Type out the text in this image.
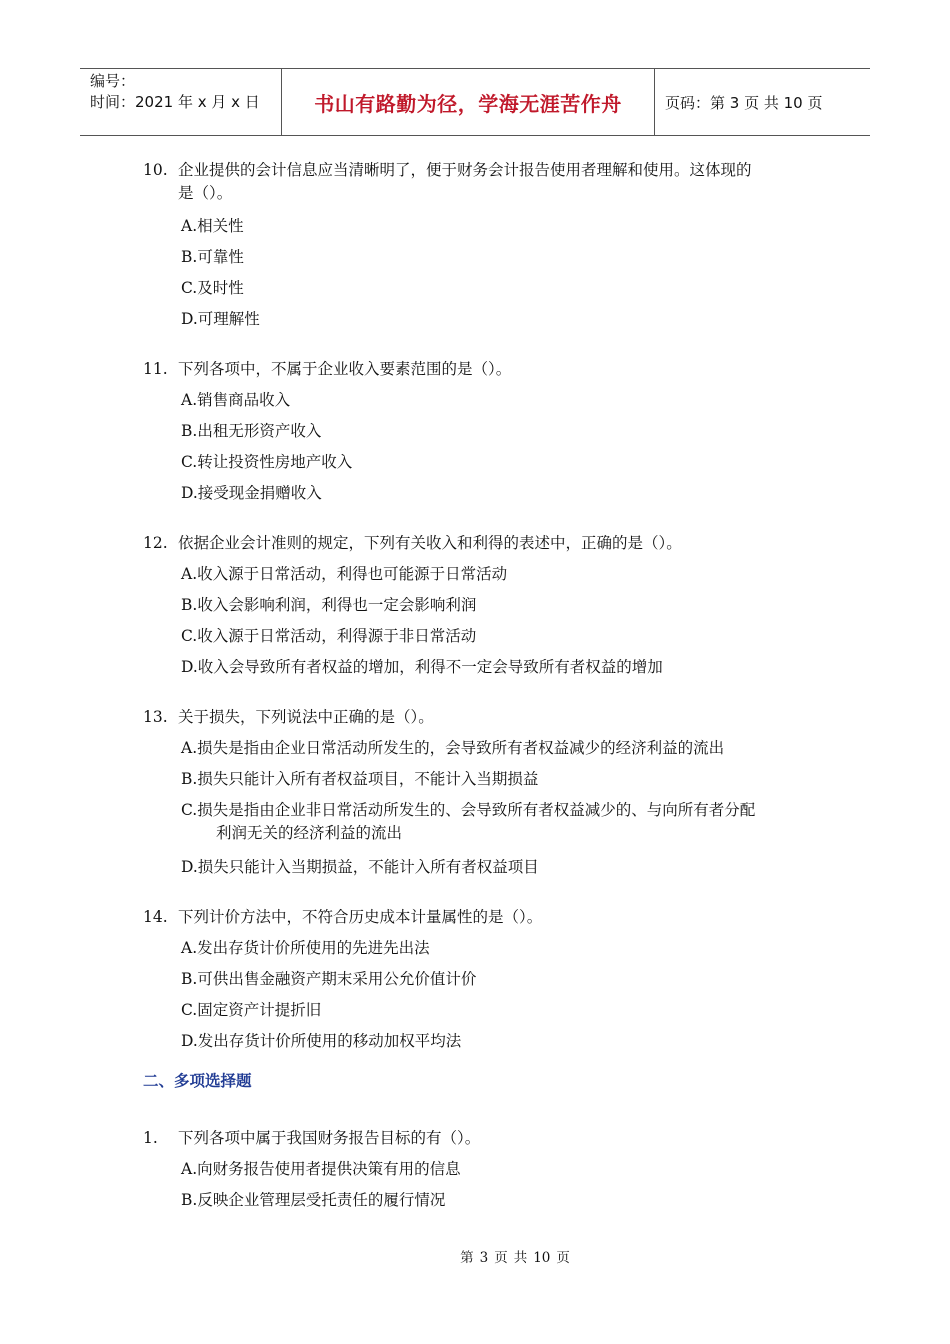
编号：
时间：2021 年 x 月 x 日	书山有路勤为径，学海无涯苦作舟	页码：第 3 页 共 10 页
10. 企业提供的会计信息应当清晰明了，便于财务会计报告使用者理解和使用。这体现的
是（）。
A.相关性
B.可靠性
C.及时性
D.可理解性
11. 下列各项中，不属于企业收入要素范围的是（）。
A.销售商品收入
B.出租无形资产收入
C.转让投资性房地产收入
D.接受现金捐赠收入
12. 依据企业会计准则的规定，下列有关收入和利得的表述中，正确的是（）。
A.收入源于日常活动，利得也可能源于日常活动
B.收入会影响利润，利得也一定会影响利润
C.收入源于日常活动，利得源于非日常活动
D.收入会导致所有者权益的增加，利得不一定会导致所有者权益的增加
13. 关于损失，下列说法中正确的是（）。
A.损失是指由企业日常活动所发生的，会导致所有者权益减少的经济利益的流出
B.损失只能计入所有者权益项目，不能计入当期损益
C.损失是指由企业非日常活动所发生的、会导致所有者权益减少的、与向所有者分配
利润无关的经济利益的流出
D.损失只能计入当期损益，不能计入所有者权益项目
14. 下列计价方法中，不符合历史成本计量属性的是（）。
A.发出存货计价所使用的先进先出法
B.可供出售金融资产期末采用公允价值计价
C.固定资产计提折旧
D.发出存货计价所使用的移动加权平均法
二、多项选择题
1.	下列各项中属于我国财务报告目标的有（）。
A.向财务报告使用者提供决策有用的信息
B.反映企业管理层受托责任的履行情况
第 3 页 共 10 页
